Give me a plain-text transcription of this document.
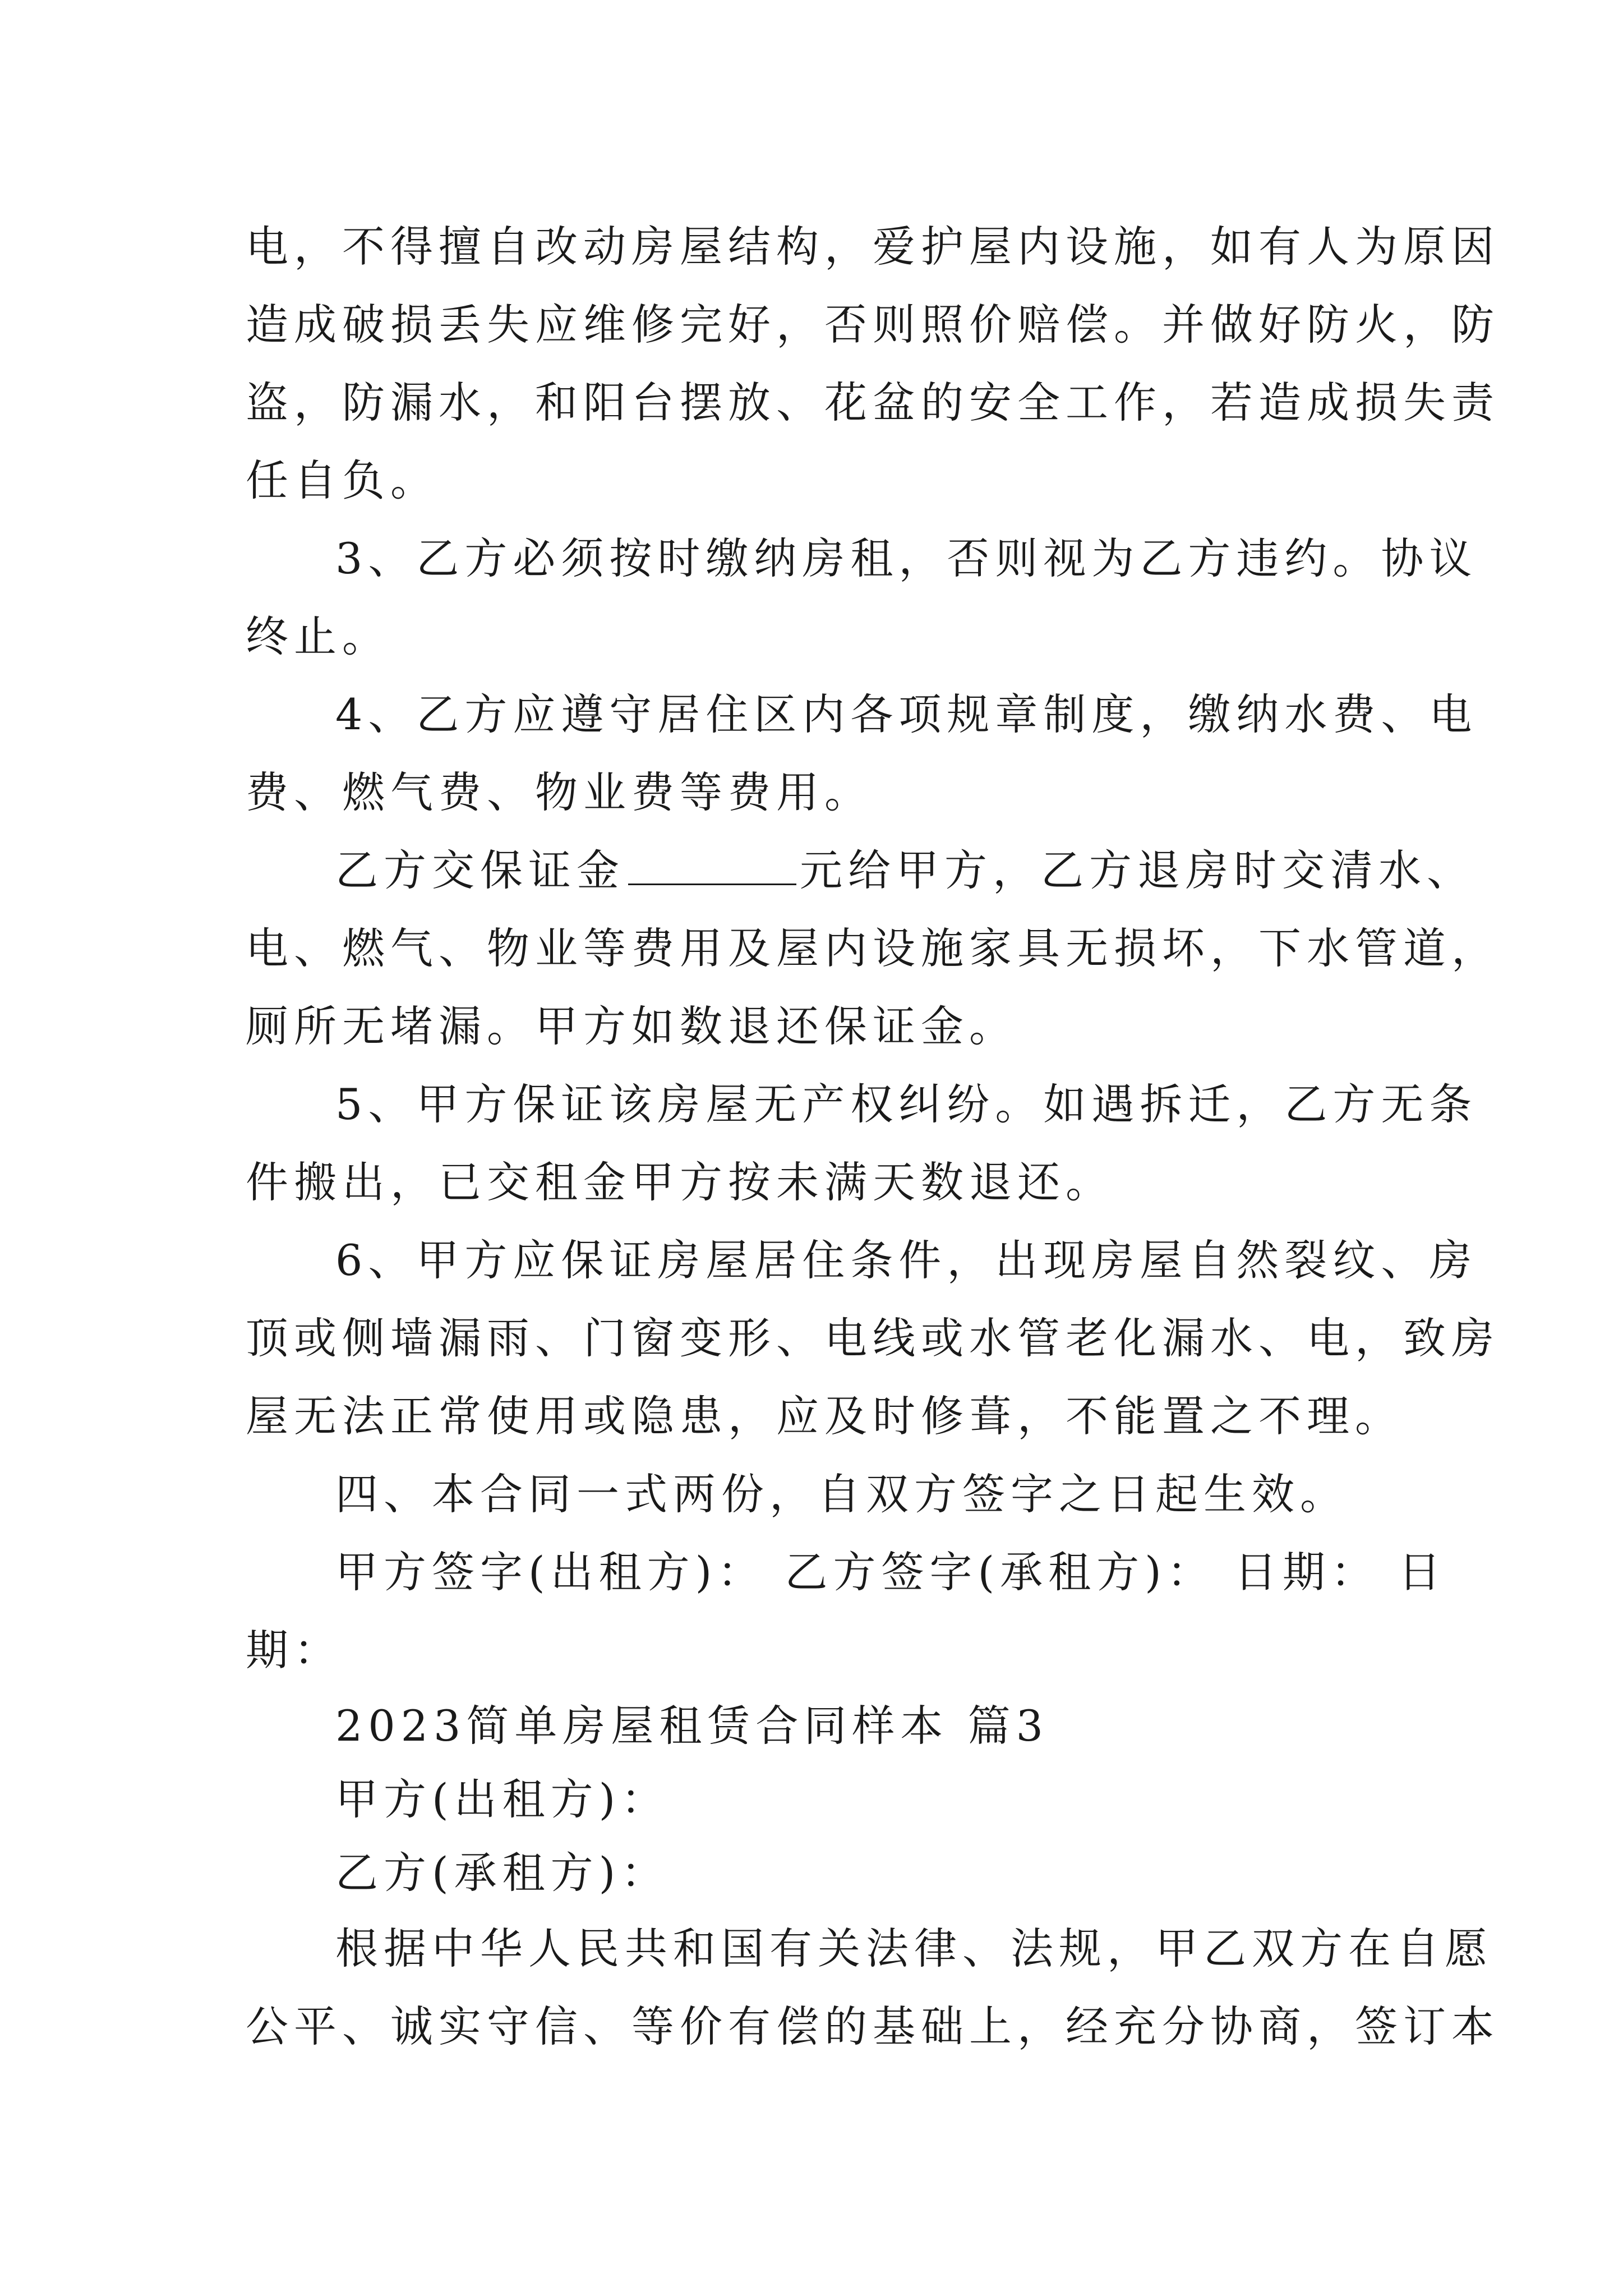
电，不得擅自改动房屋结构，爱护屋内设施，如有人为原因
造成破损丢失应维修完好，否则照价赔偿。并做好防火，防
盗，防漏水，和阳台摆放、花盆的安全工作，若造成损失责
任自负。
3、乙方必须按时缴纳房租，否则视为乙方违约。协议
终止。
4、乙方应遵守居住区内各项规章制度，缴纳水费、电
费、燃气费、物业费等费用。
乙方交保证金	元给甲方，乙方退房时交清水、
电、燃气、物业等费用及屋内设施家具无损坏，下水管道，
厕所无堵漏。甲方如数退还保证金。
5、甲方保证该房屋无产权纠纷。如遇拆迁，乙方无条
件搬出，已交租金甲方按未满天数退还。
6、甲方应保证房屋居住条件，出现房屋自然裂纹、房
顶或侧墙漏雨、门窗变形、电线或水管老化漏水、电，致房
屋无法正常使用或隐患，应及时修葺，不能置之不理。
四、本合同一式两份，自双方签字之日起生效。
甲方签字(出租方)： 乙方签字(承租方)： 日期： 日
期：
2023简单房屋租赁合同样本 篇3
甲方(出租方)：
乙方(承租方)：
根据中华人民共和国有关法律、法规，甲乙双方在自愿
公平、诚实守信、等价有偿的基础上，经充分协商，签订本
